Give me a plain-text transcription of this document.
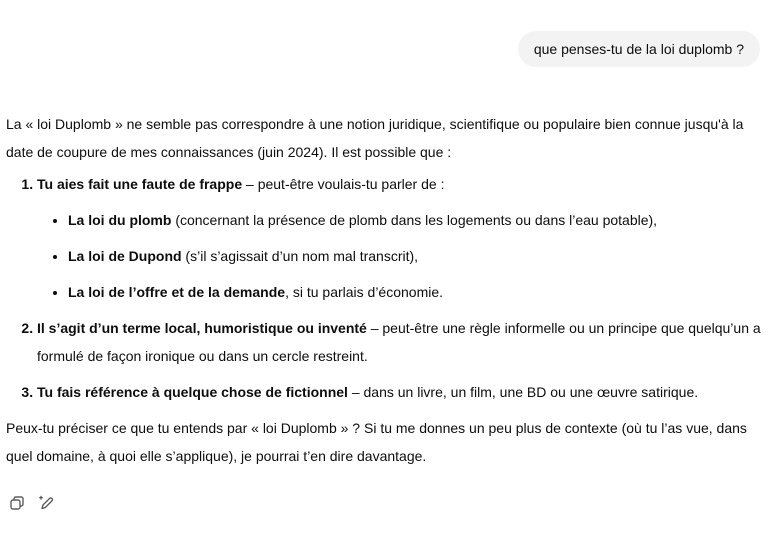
que penses-tu de la loi duplomb ?

La « loi Duplomb » ne semble pas correspondre à une notion juridique, scientifique ou populaire bien connue jusqu'à la date de coupure de mes connaissances (juin 2024). Il est possible que :

1. Tu aies fait une faute de frappe – peut-être voulais-tu parler de :
• La loi du plomb (concernant la présence de plomb dans les logements ou dans l’eau potable),
• La loi de Dupond (s’il s’agissait d’un nom mal transcrit),
• La loi de l’offre et de la demande, si tu parlais d’économie.
2. Il s’agit d’un terme local, humoristique ou inventé – peut-être une règle informelle ou un principe que quelqu’un a formulé de façon ironique ou dans un cercle restreint.
3. Tu fais référence à quelque chose de fictionnel – dans un livre, un film, une BD ou une œuvre satirique.

Peux-tu préciser ce que tu entends par « loi Duplomb » ? Si tu me donnes un peu plus de contexte (où tu l’as vue, dans quel domaine, à quoi elle s’applique), je pourrai t’en dire davantage.
